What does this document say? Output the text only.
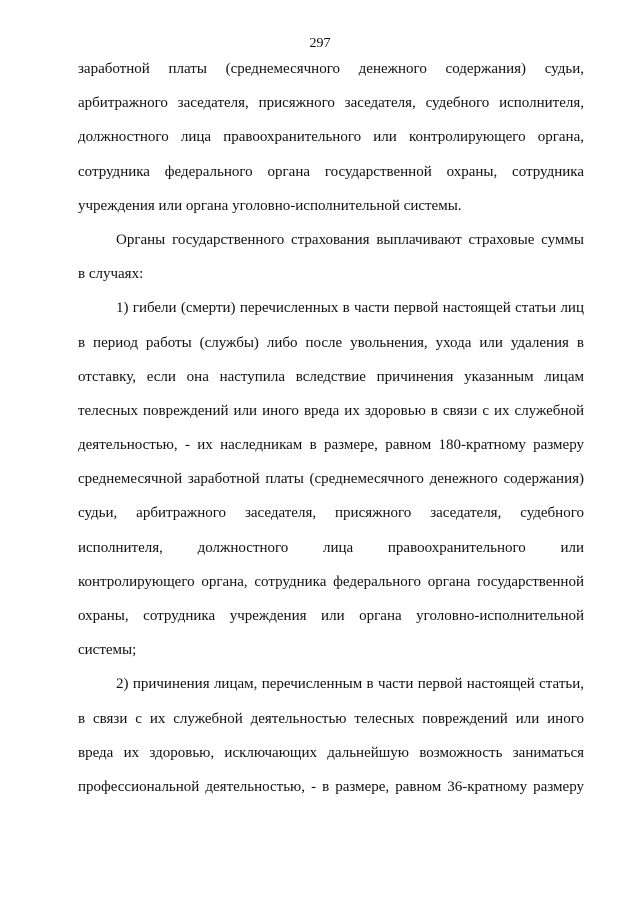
297
заработной платы (среднемесячного денежного содержания) судьи,
арбитражного заседателя, присяжного заседателя, судебного исполнителя,
должностного лица правоохранительного или контролирующего органа,
сотрудника федерального органа государственной охраны, сотрудника
учреждения или органа уголовно-исполнительной системы.
Органы государственного страхования выплачивают страховые суммы
в случаях:
1) гибели (смерти) перечисленных в части первой настоящей статьи лиц
в период работы (службы) либо после увольнения, ухода или удаления в
отставку, если она наступила вследствие причинения указанным лицам
телесных повреждений или иного вреда их здоровью в связи с их служебной
деятельностью, - их наследникам в размере, равном 180-кратному размеру
среднемесячной заработной платы (среднемесячного денежного содержания)
судьи, арбитражного заседателя, присяжного заседателя, судебного
исполнителя, должностного лица правоохранительного или
контролирующего органа, сотрудника федерального органа государственной
охраны, сотрудника учреждения или органа уголовно-исполнительной
системы;
2) причинения лицам, перечисленным в части первой настоящей статьи,
в связи с их служебной деятельностью телесных повреждений или иного
вреда их здоровью, исключающих дальнейшую возможность заниматься
профессиональной деятельностью, - в размере, равном 36-кратному размеру
